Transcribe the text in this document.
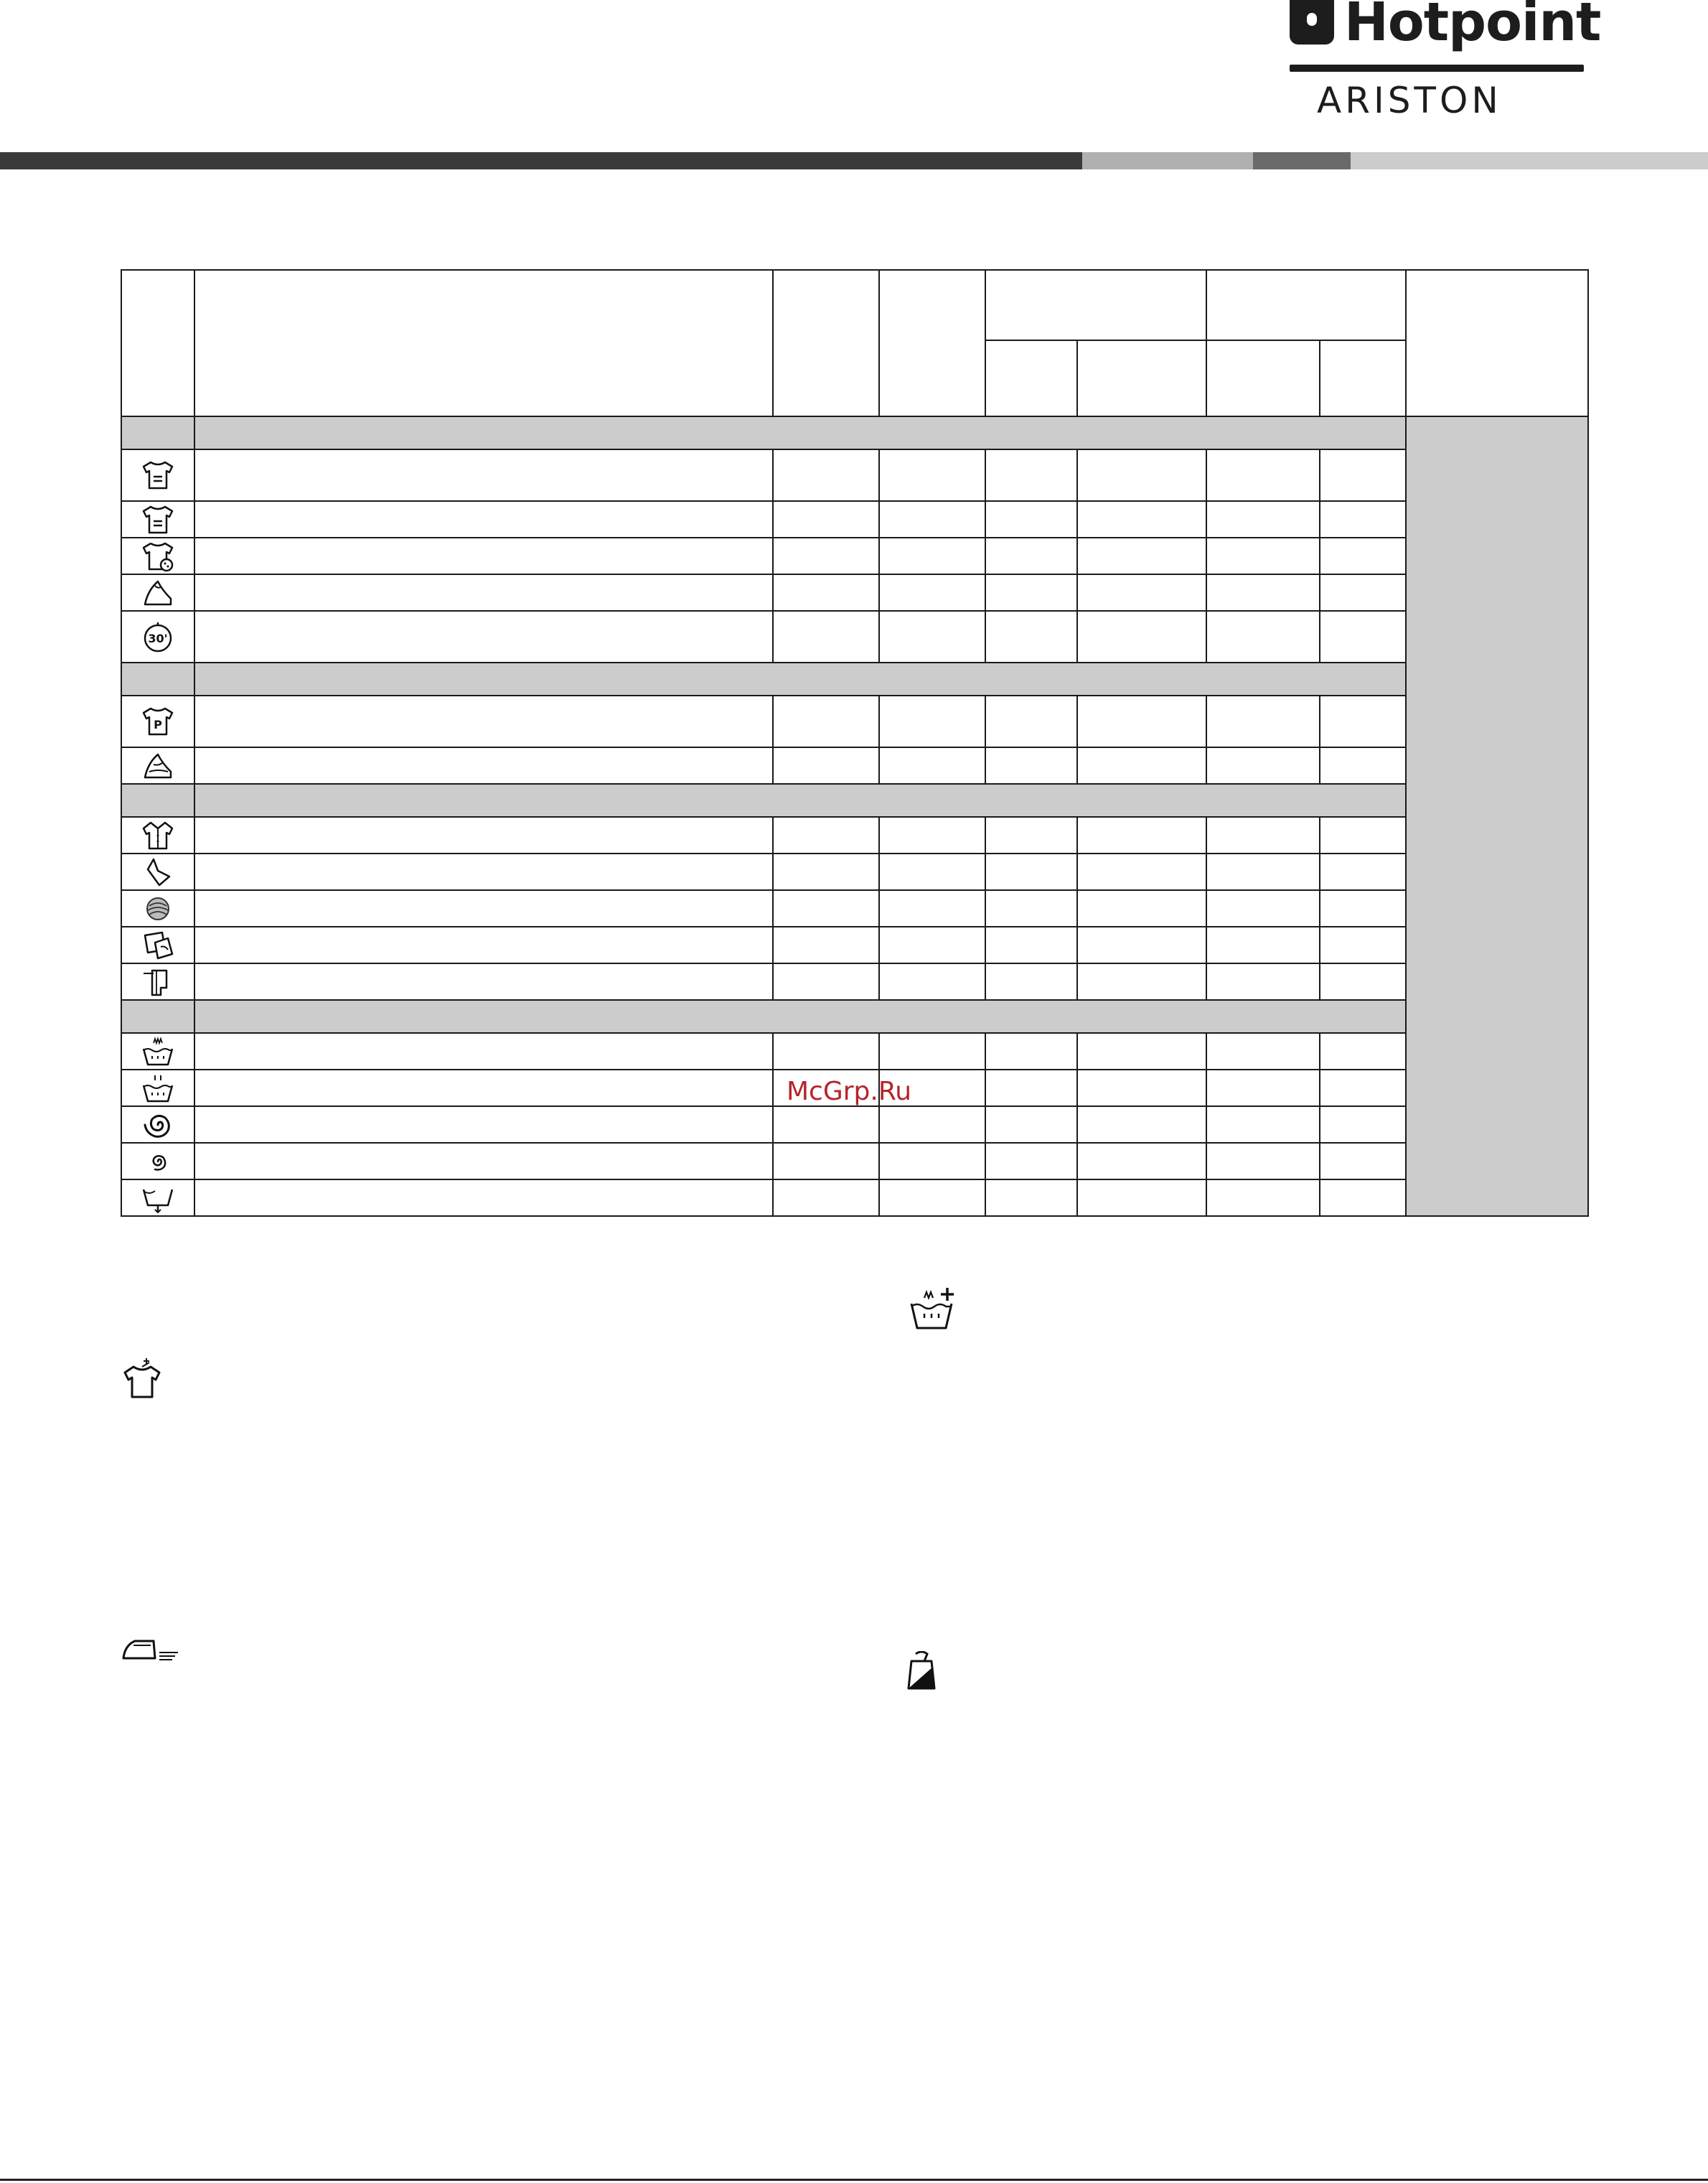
Hotpoint
ARISTON

30'								

P								

McGrp.Ru
